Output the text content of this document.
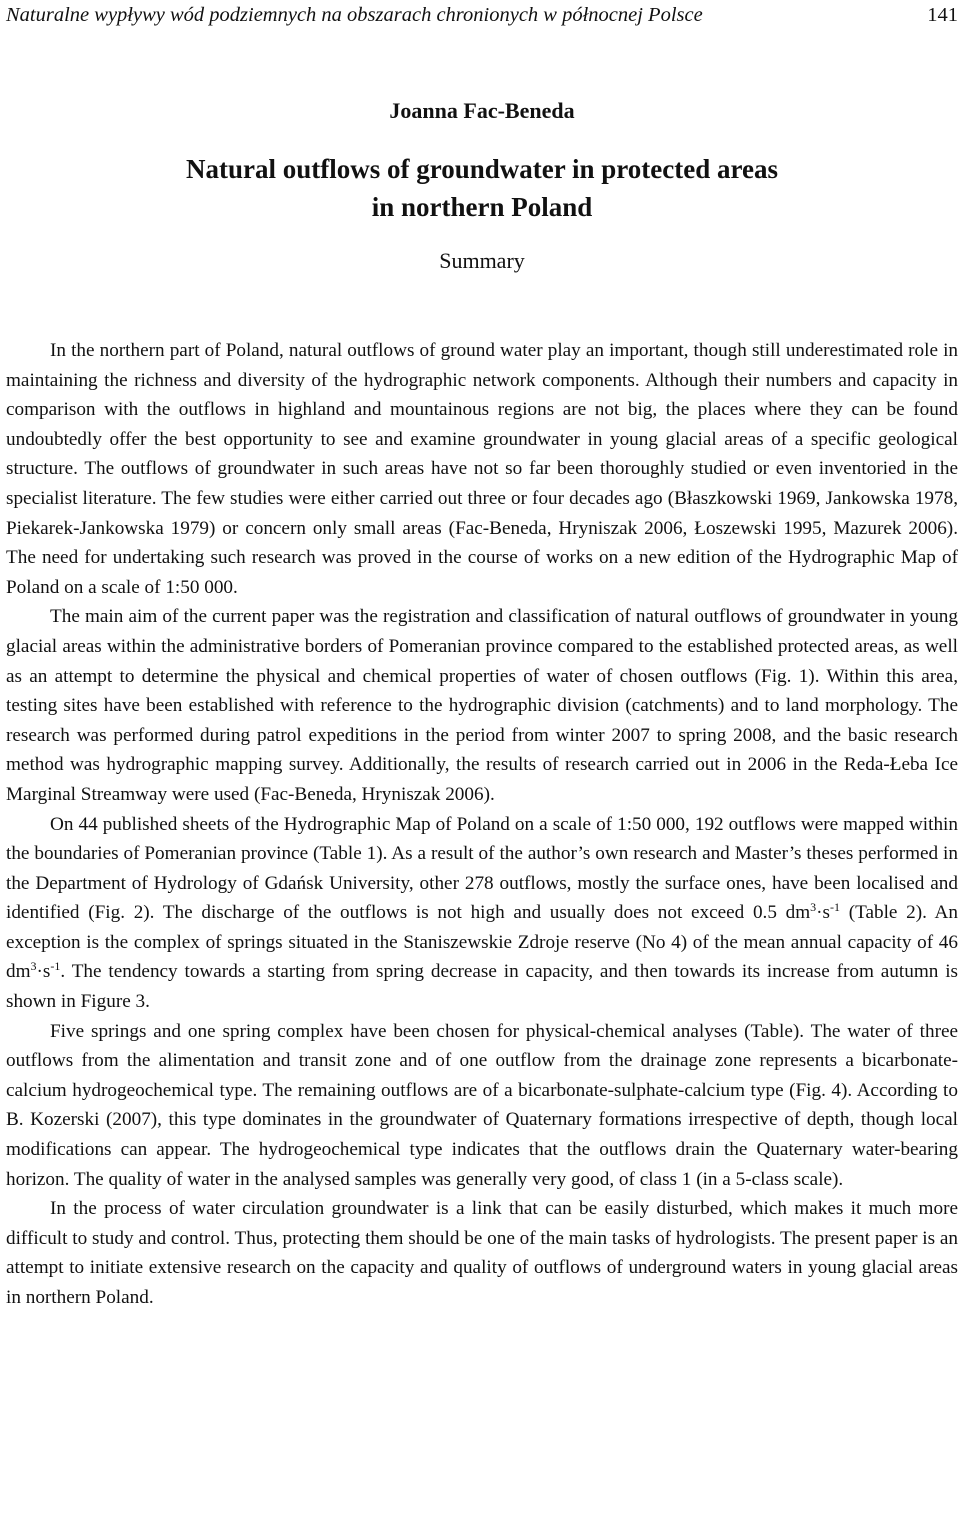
Naturalne wypływy wód podziemnych na obszarach chronionych w północnej Polsce	141
Joanna Fac-Beneda
Natural outflows of groundwater in protected areas
in northern Poland
Summary

In the northern part of Poland, natural outflows of ground water play an important, though still underestimated role in maintaining the richness and diversity of the hydrographic network components. Although their numbers and capacity in comparison with the outflows in highland and mountainous regions are not big, the places where they can be found undoubtedly offer the best opportunity to see and examine groundwater in young glacial areas of a specific geological structure. The outflows of groundwater in such areas have not so far been thoroughly studied or even inventoried in the specialist literature. The few studies were either carried out three or four decades ago (Błaszkowski 1969, Jankowska 1978, Piekarek-Jankowska 1979) or concern only small areas (Fac-Beneda, Hryniszak 2006, Łoszewski 1995, Mazurek 2006). The need for undertaking such research was proved in the course of works on a new edition of the Hydrographic Map of Poland on a scale of 1:50 000.

The main aim of the current paper was the registration and classification of natural outflows of groundwater in young glacial areas within the administrative borders of Pomeranian province compared to the established protected areas, as well as an attempt to determine the physical and chemical properties of water of chosen outflows (Fig. 1). Within this area, testing sites have been established with reference to the hydrographic division (catchments) and to land morphology. The research was performed during patrol expeditions in the period from winter 2007 to spring 2008, and the basic research method was hydrographic mapping survey. Additionally, the results of research carried out in 2006 in the Reda-Łeba Ice Marginal Streamway were used (Fac-Beneda, Hryniszak 2006).

On 44 published sheets of the Hydrographic Map of Poland on a scale of 1:50 000, 192 outflows were mapped within the boundaries of Pomeranian province (Table 1). As a result of the author’s own research and Master’s theses performed in the Department of Hydrology of Gdańsk University, other 278 outflows, mostly the surface ones, have been localised and identified (Fig. 2). The discharge of the outflows is not high and usually does not exceed 0.5 $dm^3\cdot s^{-1}$ (Table 2). An exception is the complex of springs situated in the Staniszewskie Zdroje reserve (No 4) of the mean annual capacity of 46 $dm^3\cdot s^{-1}$. The tendency towards a starting from spring decrease in capacity, and then towards its increase from autumn is shown in Figure 3.

Five springs and one spring complex have been chosen for physical-chemical analyses (Table). The water of three outflows from the alimentation and transit zone and of one outflow from the drainage zone represents a bicarbonate-calcium hydrogeochemical type. The remaining outflows are of a bicarbonate-sulphate-calcium type (Fig. 4). According to B. Kozerski (2007), this type dominates in the groundwater of Quaternary formations irrespective of depth, though local modifications can appear. The hydrogeochemical type indicates that the outflows drain the Quaternary water-bearing horizon. The quality of water in the analysed samples was generally very good, of class 1 (in a 5-class scale).

In the process of water circulation groundwater is a link that can be easily disturbed, which makes it much more difficult to study and control. Thus, protecting them should be one of the main tasks of hydrologists. The present paper is an attempt to initiate extensive research on the capacity and quality of outflows of underground waters in young glacial areas in northern Poland.
